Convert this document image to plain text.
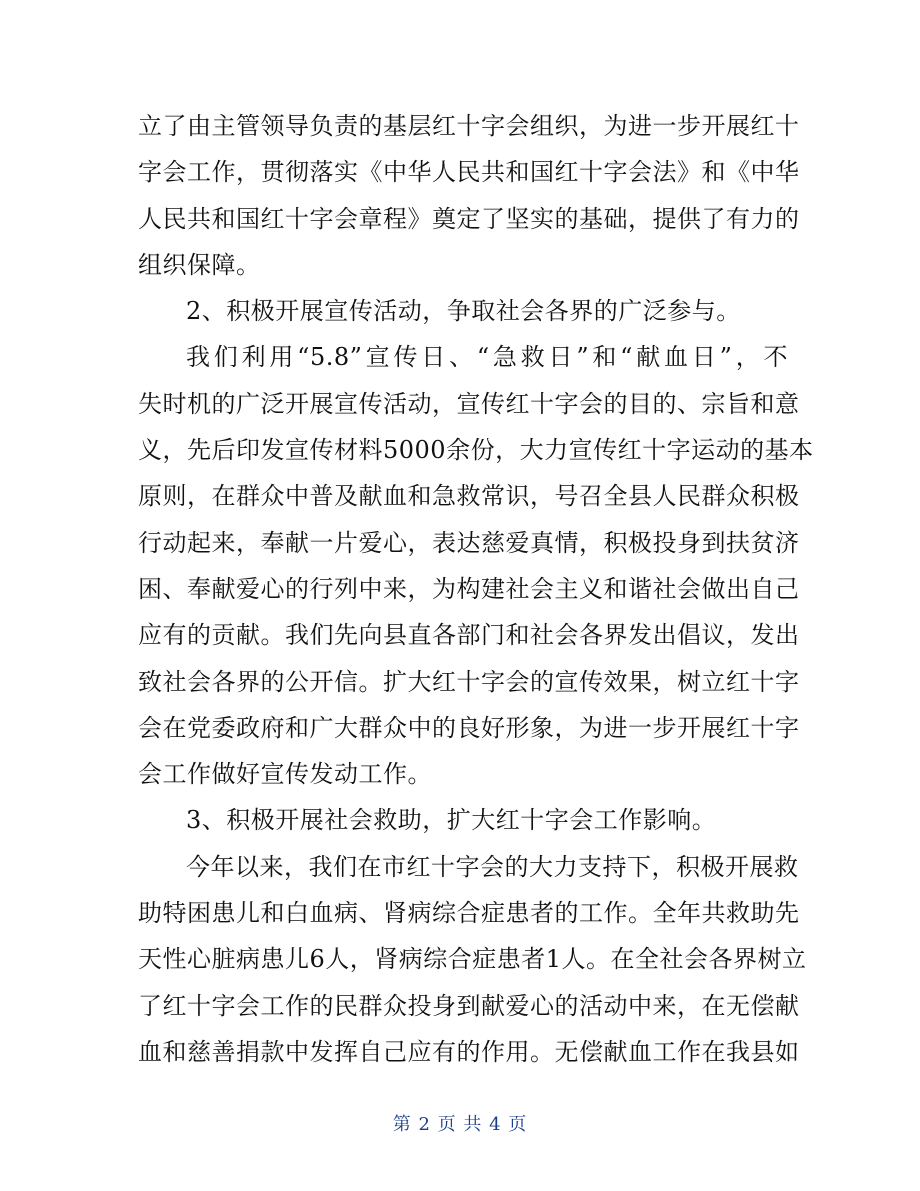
立了由主管领导负责的基层红十字会组织，为进一步开展红十
字会工作，贯彻落实《中华人民共和国红十字会法》和《中华
人民共和国红十字会章程》奠定了坚实的基础，提供了有力的
组织保障。
2、积极开展宣传活动，争取社会各界的广泛参与。
我们利用“5.8”宣传日、“急救日”和“献血日”，不
失时机的广泛开展宣传活动，宣传红十字会的目的、宗旨和意
义，先后印发宣传材料5000余份，大力宣传红十字运动的基本
原则，在群众中普及献血和急救常识，号召全县人民群众积极
行动起来，奉献一片爱心，表达慈爱真情，积极投身到扶贫济
困、奉献爱心的行列中来，为构建社会主义和谐社会做出自己
应有的贡献。我们先向县直各部门和社会各界发出倡议，发出
致社会各界的公开信。扩大红十字会的宣传效果，树立红十字
会在党委政府和广大群众中的良好形象，为进一步开展红十字
会工作做好宣传发动工作。
3、积极开展社会救助，扩大红十字会工作影响。
今年以来，我们在市红十字会的大力支持下，积极开展救
助特困患儿和白血病、肾病综合症患者的工作。全年共救助先
天性心脏病患儿6人，肾病综合症患者1人。在全社会各界树立
了红十字会工作的民群众投身到献爱心的活动中来，在无偿献
血和慈善捐款中发挥自己应有的作用。无偿献血工作在我县如
第 2 页 共 4 页
